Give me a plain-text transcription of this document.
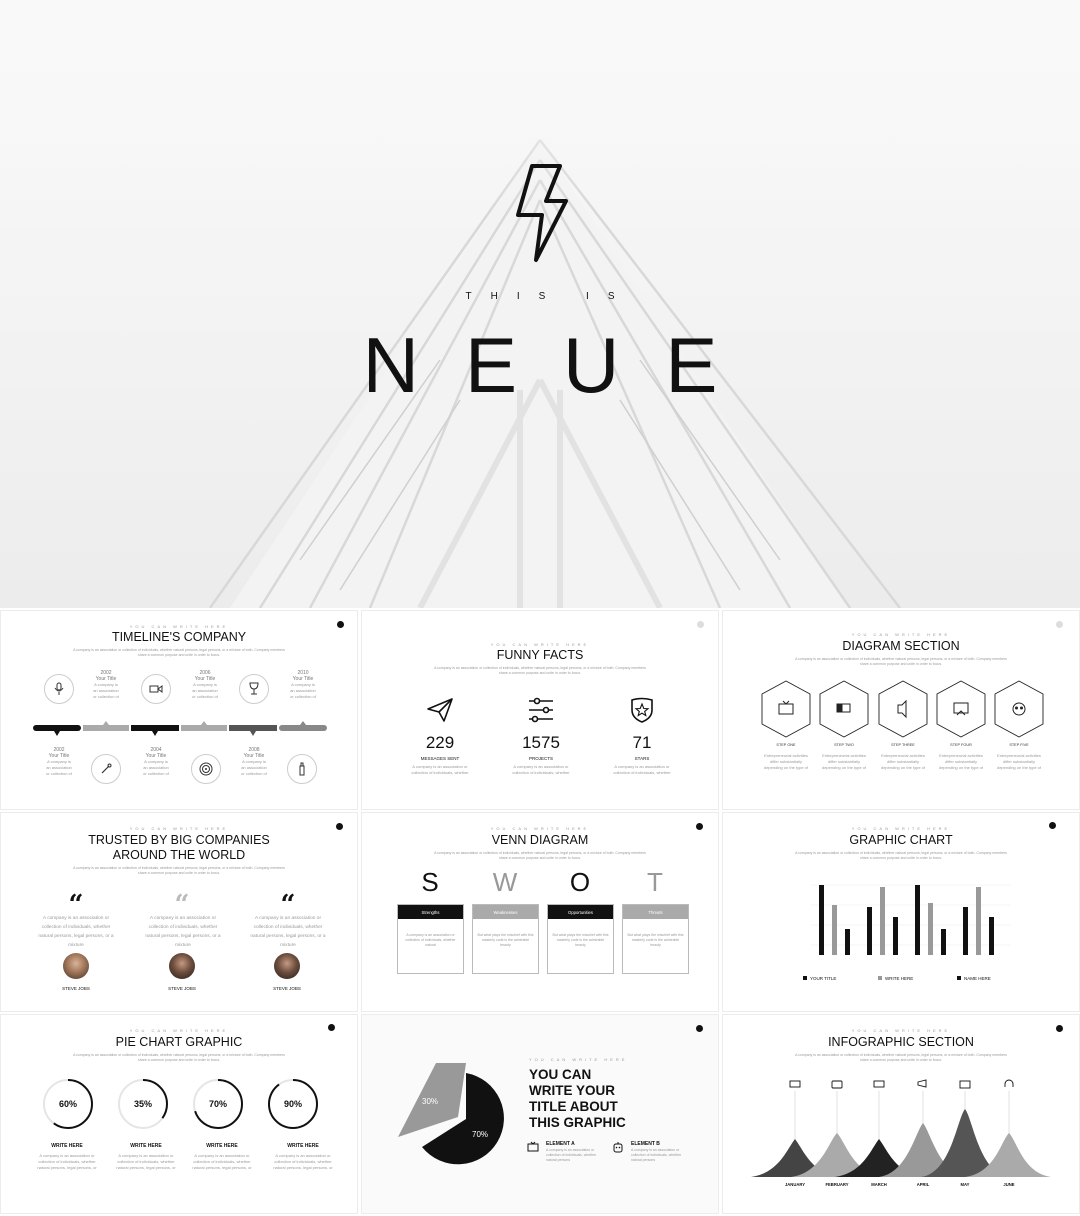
THIS IS
NEUE
YOU CAN WRITE HERE
TIMELINE'S COMPANY
A company is an association or collection of individuals, whether natural persons, legal persons, or a mixture of both. Company members share a common purpose and unite in order to focus.
2002
Your Title
A company is an association or collection of
2006
Your Title
A company is an association or collection of
2010
Your Title
A company is an association or collection of
2002
Your Title
A company is an association or collection of
2004
Your Title
A company is an association or collection of
2008
Your Title
A company is an association or collection of
YOU CAN WRITE HERE
FUNNY FACTS
A company is an association or collection of individuals, whether natural persons, legal persons, or a mixture of both. Company members share a common purpose and unite in order to focus.
229	1575	71
MESSAGES SENT	PROJECTS	STARS
A company is an association or collection of individuals, whether
A company is an association or collection of individuals, whether
A company is an association or collection of individuals, whether
YOU CAN WRITE HERE
DIAGRAM SECTION
A company is an association or collection of individuals, whether natural persons, legal persons, or a mixture of both. Company members share a common purpose and unite in order to focus.
STEP ONE	STEP TWO	STEP THREE	STEP FOUR	STEP FIVE
Entrepreneurial activities differ substantially depending on the type of
Entrepreneurial activities differ substantially depending on the type of
Entrepreneurial activities differ substantially depending on the type of
Entrepreneurial activities differ substantially depending on the type of
Entrepreneurial activities differ substantially depending on the type of
YOU CAN WRITE HERE
TRUSTED BY BIG COMPANIES
AROUND THE WORLD
A company is an association or collection of individuals, whether natural persons, legal persons, or a mixture of both. Company members share a common purpose and unite in order to focus.
“	“	“
A company is an association or collection of individuals, whether natural persons, legal persons, or a mixture
A company is an association or collection of individuals, whether natural persons, legal persons, or a mixture
A company is an association or collection of individuals, whether natural persons, legal persons, or a mixture
STEVE JOBS	STEVE JOBS	STEVE JOBS
YOU CAN WRITE HERE
VENN DIAGRAM
A company is an association or collection of individuals, whether natural persons, legal persons, or a mixture of both. Company members share a common purpose and unite in order to focus.
S	W	O	T
Strengths
A company is an association or collection of individuals, whether natural
Weaknesses
But what plays the mischief with this masterly code is the admirable beauty
Opportunities
But what plays the mischief with this masterly code is the admirable beauty
Threats
But what plays the mischief with this masterly code is the admirable beauty
YOU CAN WRITE HERE
GRAPHIC CHART
A company is an association or collection of individuals, whether natural persons, legal persons, or a mixture of both. Company members share a common purpose and unite in order to focus.
YOUR TITLE	WRITE HERE	NAME HERE
YOU CAN WRITE HERE
PIE CHART GRAPHIC
A company is an association or collection of individuals, whether natural persons, legal persons, or a mixture of both. Company members share a common purpose and unite in order to focus.
60%	35%	70%	90%
WRITE HERE	WRITE HERE	WRITE HERE	WRITE HERE
A company is an association or collection of individuals, whether natural persons, legal persons, or
A company is an association or collection of individuals, whether natural persons, legal persons, or
A company is an association or collection of individuals, whether natural persons, legal persons, or
A company is an association or collection of individuals, whether natural persons, legal persons, or
30%
70%
YOU CAN WRITE HERE
YOU CAN
WRITE YOUR
TITLE ABOUT
THIS GRAPHIC
ELEMENT A
A company is an association or collection of individuals, whether natural persons
ELEMENT B
A company is an association or collection of individuals, whether natural persons
YOU CAN WRITE HERE
INFOGRAPHIC SECTION
A company is an association or collection of individuals, whether natural persons, legal persons, or a mixture of both. Company members share a common purpose and unite in order to focus.
JANUARY	FEBRUARY	MARCH	APRIL	MAY	JUNE
